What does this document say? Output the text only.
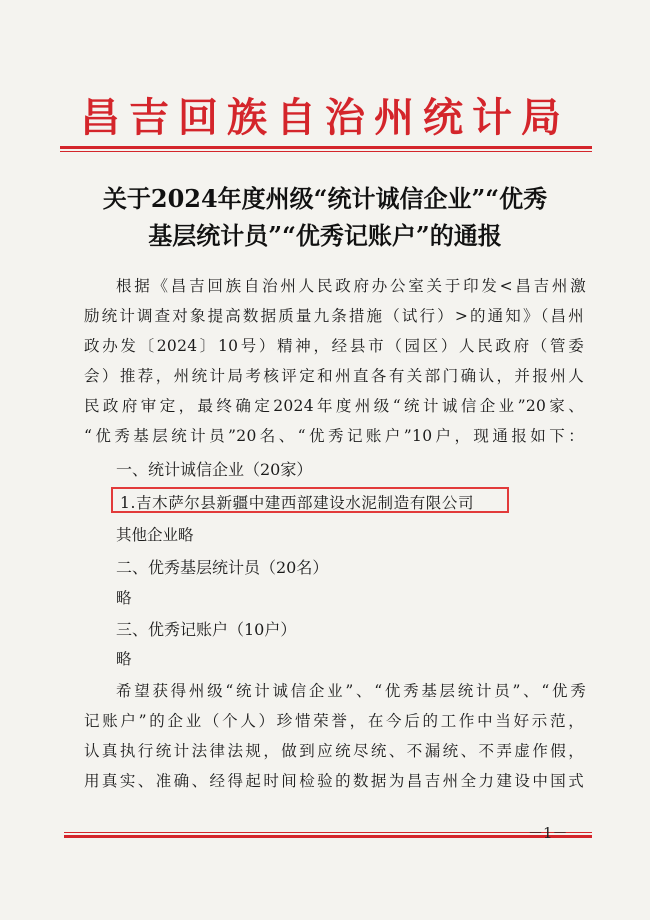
昌吉回族自治州统计局
关于2024年度州级“统计诚信企业”“优秀
基层统计员”“优秀记账户”的通报
根据《昌吉回族自治州人民政府办公室关于印发<昌吉州激
励统计调查对象提高数据质量九条措施（试行）>的通知》（昌州
政办发〔2024〕10号）精神，经县市（园区）人民政府（管委
会）推荐，州统计局考核评定和州直各有关部门确认，并报州人
民政府审定，最终确定2024年度州级“统计诚信企业”20家、
“优秀基层统计员”20名、“优秀记账户”10户，现通报如下：
一、统计诚信企业（20家）
1.吉木萨尔县新疆中建西部建设水泥制造有限公司
其他企业略
二、优秀基层统计员（20名）
略
三、优秀记账户（10户）
略
希望获得州级“统计诚信企业”、“优秀基层统计员”、“优秀
记账户”的企业（个人）珍惜荣誉，在今后的工作中当好示范，
认真执行统计法律法规，做到应统尽统、不漏统、不弄虚作假，
用真实、准确、经得起时间检验的数据为昌吉州全力建设中国式
－1－
